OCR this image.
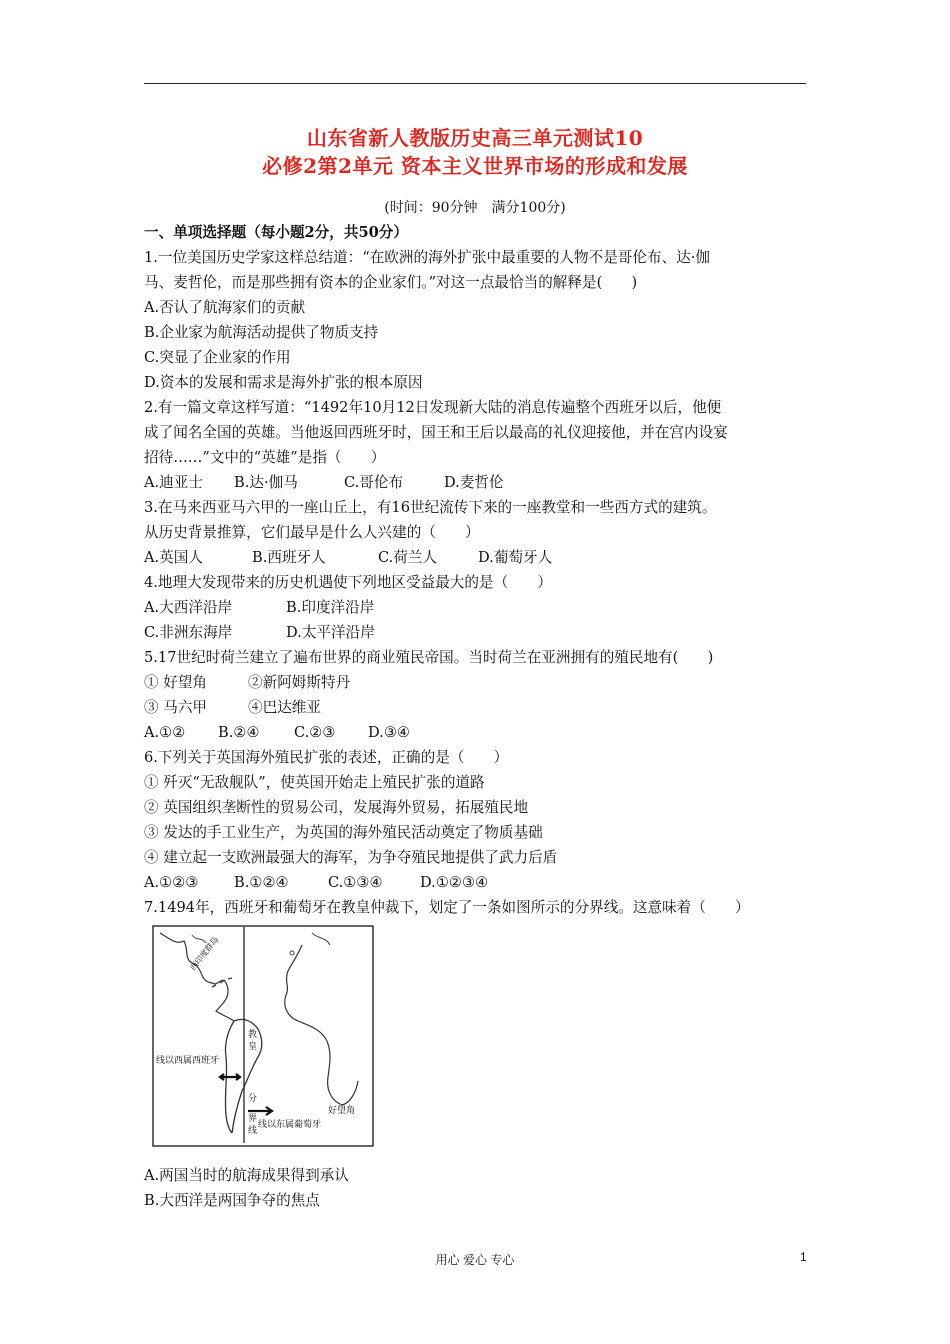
山东省新人教版历史高三单元测试10
必修2第2单元 资本主义世界市场的形成和发展
(时间：90分钟　满分100分)
一、单项选择题（每小题2分，共50分）
1.一位美国历史学家这样总结道：“在欧洲的海外扩张中最重要的人物不是哥伦布、达·伽
马、麦哲伦，而是那些拥有资本的企业家们。”对这一点最恰当的解释是(　　)
A.否认了航海家们的贡献
B.企业家为航海活动提供了物质支持
C.突显了企业家的作用
D.资本的发展和需求是海外扩张的根本原因
2.有一篇文章这样写道：“1492年10月12日发现新大陆的消息传遍整个西班牙以后，他便
成了闻名全国的英雄。当他返回西班牙时，国王和王后以最高的礼仪迎接他，并在宫内设宴
招待……”文中的“英雄”是指（　　）
A.迪亚士 B.达·伽马	C.哥伦布	D.麦哲伦
3.在马来西亚马六甲的一座山丘上，有16世纪流传下来的一座教堂和一些西方式的建筑。
从历史背景推算，它们最早是什么人兴建的（　　）
A.英国人	B.西班牙人	C.荷兰人	D.葡萄牙人
4.地理大发现带来的历史机遇使下列地区受益最大的是（　　）
A.大西洋沿岸	B.印度洋沿岸
C.非洲东海岸	D.太平洋沿岸
5.17世纪时荷兰建立了遍布世界的商业殖民帝国。当时荷兰在亚洲拥有的殖民地有(　　)
① 好望角	②新阿姆斯特丹
③ 马六甲	④巴达维亚
A.①② B.②④ C.②③ D.③④
6.下列关于英国海外殖民扩张的表述，正确的是（　　）
① 歼灭“无敌舰队”，使英国开始走上殖民扩张的道路
② 英国组织垄断性的贸易公司，发展海外贸易，拓展殖民地
③ 发达的手工业生产，为英国的海外殖民活动奠定了物质基础
④ 建立起一支欧洲最强大的海军，为争夺殖民地提供了武力后盾
A.①②③ B.①②④	C.①③④	D.①②③④
7.1494年，西班牙和葡萄牙在教皇仲裁下，划定了一条如图所示的分界线。这意味着（　　）
西印度群岛
线以西属西班牙
教
皇
分
界
线
线以东属葡萄牙
好望角
A.两国当时的航海成果得到承认
B.大西洋是两国争夺的焦点
用心 爱心 专心	1
